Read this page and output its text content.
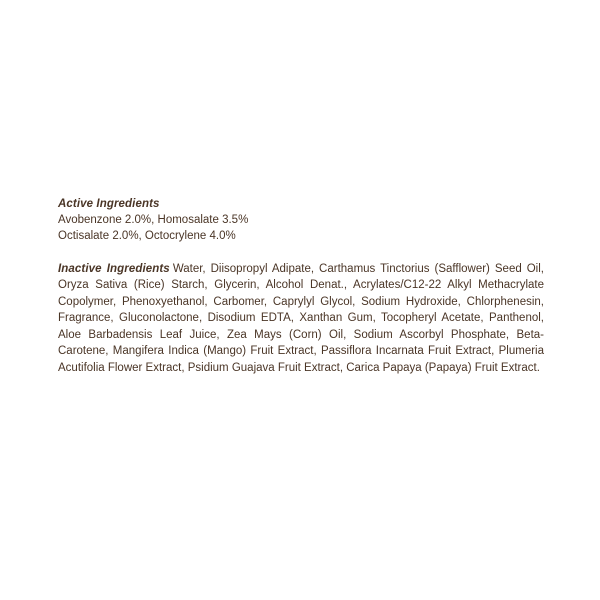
Active Ingredients
Avobenzone 2.0%, Homosalate 3.5%
Octisalate 2.0%, Octocrylene 4.0%

Inactive Ingredients Water, Diisopropyl Adipate, Carthamus Tinctorius (Safflower) Seed Oil, Oryza Sativa (Rice) Starch, Glycerin, Alcohol Denat., Acrylates/C12-22 Alkyl Methacrylate Copolymer, Phenoxyethanol, Carbomer, Caprylyl Glycol, Sodium Hydroxide, Chlorphenesin, Fragrance, Gluconolactone, Disodium EDTA, Xanthan Gum, Tocopheryl Acetate, Panthenol, Aloe Barbadensis Leaf Juice, Zea Mays (Corn) Oil, Sodium Ascorbyl Phosphate, Beta-Carotene, Mangifera Indica (Mango) Fruit Extract, Passiflora Incarnata Fruit Extract, Plumeria Acutifolia Flower Extract, Psidium Guajava Fruit Extract, Carica Papaya (Papaya) Fruit Extract.
